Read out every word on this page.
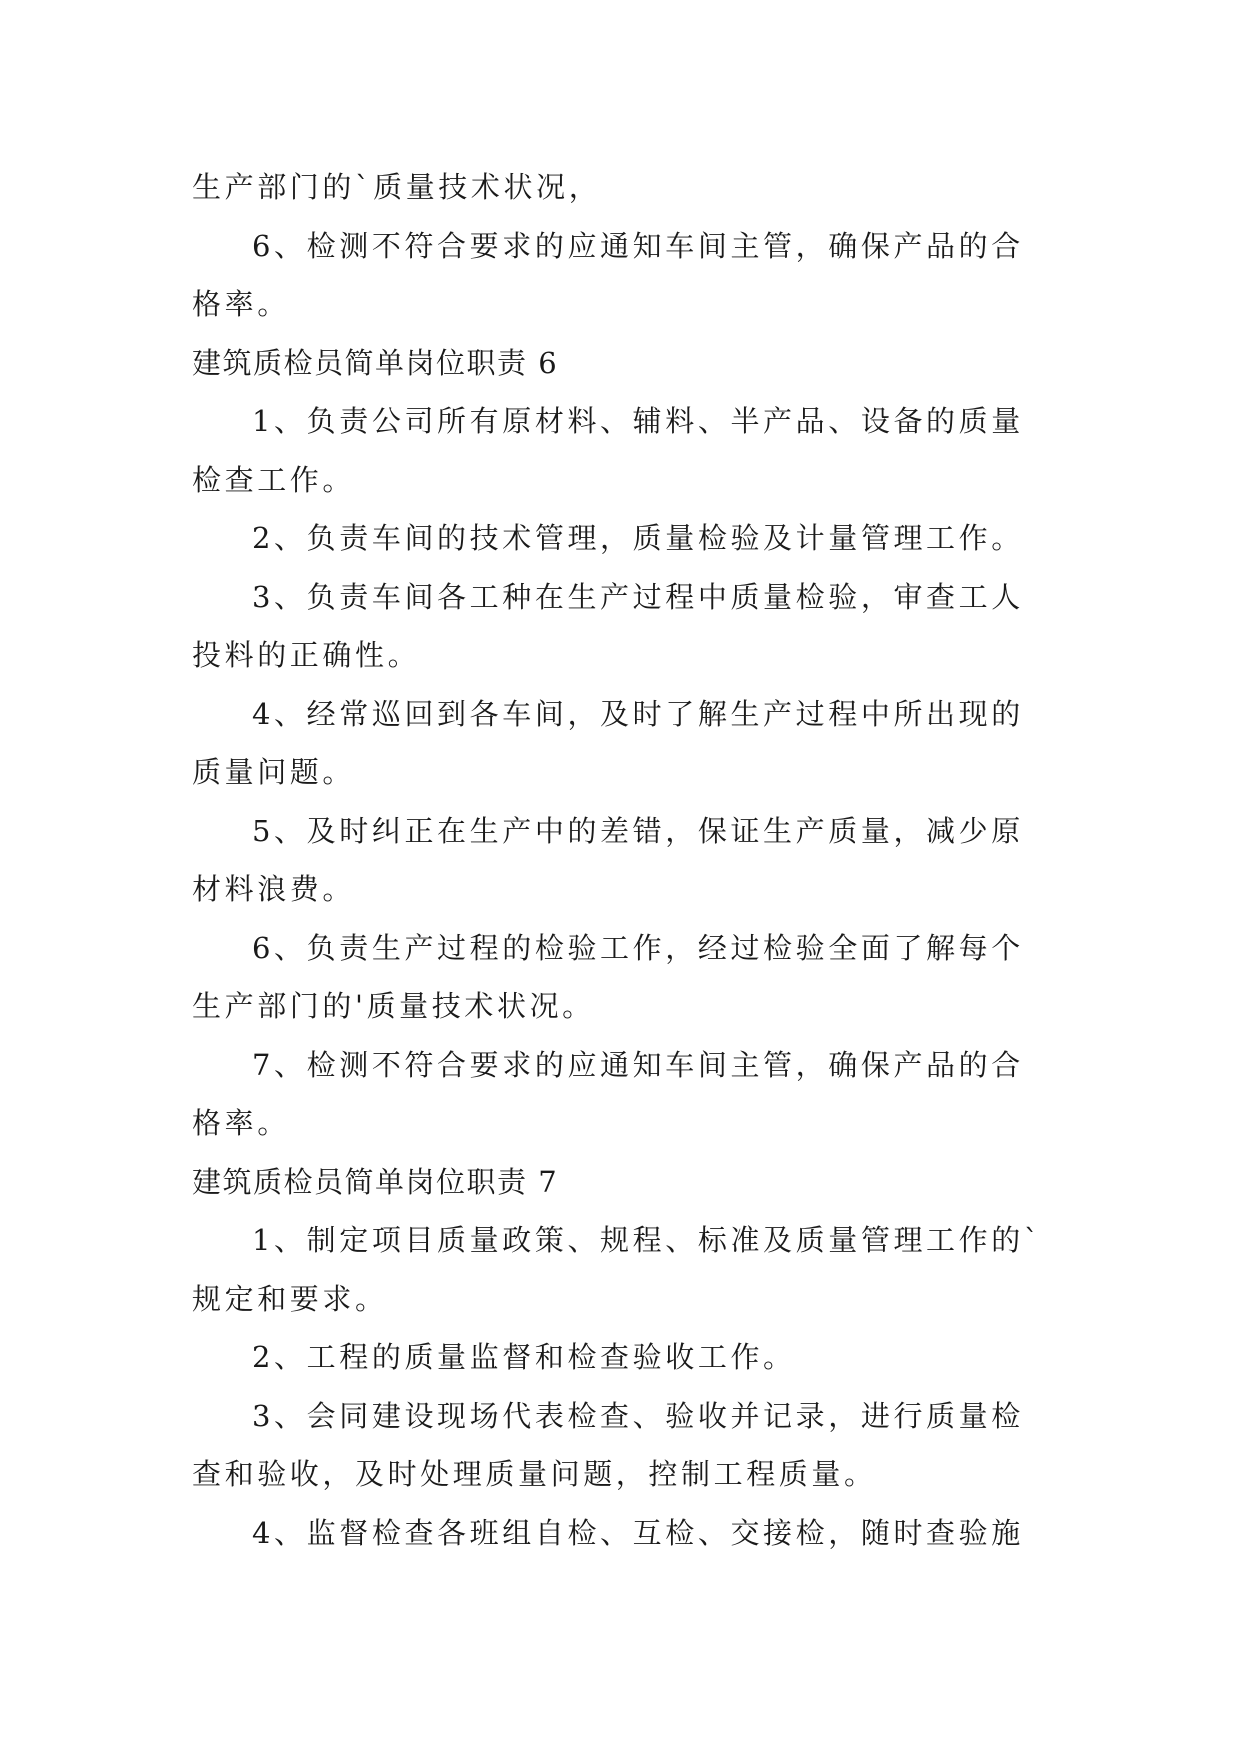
生产部门的`质量技术状况，
6、检测不符合要求的应通知车间主管，确保产品的合
格率。
建筑质检员简单岗位职责 6
1、负责公司所有原材料、辅料、半产品、设备的质量
检查工作。
2、负责车间的技术管理，质量检验及计量管理工作。
3、负责车间各工种在生产过程中质量检验，审查工人
投料的正确性。
4、经常巡回到各车间，及时了解生产过程中所出现的
质量问题。
5、及时纠正在生产中的差错，保证生产质量，减少原
材料浪费。
6、负责生产过程的检验工作，经过检验全面了解每个
生产部门的'质量技术状况。
7、检测不符合要求的应通知车间主管，确保产品的合
格率。
建筑质检员简单岗位职责 7
1、制定项目质量政策、规程、标准及质量管理工作的`
规定和要求。
2、工程的质量监督和检查验收工作。
3、会同建设现场代表检查、验收并记录，进行质量检
查和验收，及时处理质量问题，控制工程质量。
4、监督检查各班组自检、互检、交接检，随时查验施
